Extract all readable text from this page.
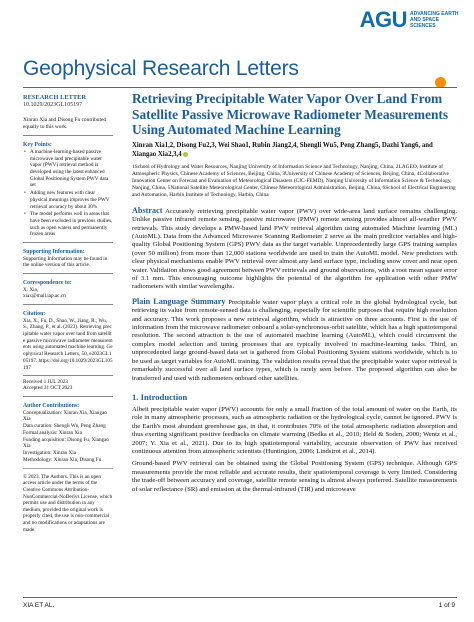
AGU ADVANCING EARTH AND SPACE SCIENCES
Geophysical Research Letters
RESEARCH LETTER
10.1029/2023GL105197
Xinran Xia and Disong Fu contributed equally to this work.
Key Points:
• A machine-learning-based passive microwave land precipitable water vapor (PWV) retrieval method is developed using the latest enhanced Global Positioning System PWV data set
• Adding new features with clear physical meanings improves the PWV retrieval accuracy by about 30%
• The model performs well in areas that have been excluded in previous studies, such as open waters and permanently frozen areas
Supporting Information:
Supporting Information may be found in the online version of this article.
Correspondence to:
X. Xia,
xiax@mail.iap.ac.cn
Citation:
Xia, X., Fu, D., Shao, W., Jiang, R., Wu, S., Zhang, P., et al. (2023). Retrieving precipitable water vapor over land from satellite passive microwave radiometer measurements using automated machine learning. Geophysical Research Letters, 50, e2023GL105197. https://doi.org/10.1029/2023GL105197
Received 1 JUL 2023
Accepted 31 OCT 2023
Author Contributions:
Conceptualization: Xinran Xia, Xiangao Xia
Data curation: Shengli Wu, Peng Zhang
Formal analysis: Xinran Xia
Funding acquisition: Disong Fu, Xiangao Xia
Investigation: Xinran Xia
Methodology: Xinran Xia, Disong Fu
© 2023. The Authors. This is an open access article under the terms of the Creative Commons Attribution-NonCommercial-NoDerivs License, which permits use and distribution in any medium, provided the original work is properly cited, the use is non-commercial and no modifications or adaptations are made.
Retrieving Precipitable Water Vapor Over Land From Satellite Passive Microwave Radiometer Measurements Using Automated Machine Learning
Xinran Xia1,2, Disong Fu2,3, Wei Shao1, Rubin Jiang2,4, Shengli Wu5, Peng Zhang5, Dazhi Yang6, and Xiangao Xia2,3,4
1School of Hydrology and Water Resources, Nanjing University of Information Science and Technology, Nanjing, China, 2LAGEO, Institute of Atmospheric Physics, Chinese Academy of Sciences, Beijing, China, 3University of Chinese Academy of Sciences, Beijing, China, 4Collaborative Innovation Center on Forecast and Evaluation of Meteorological Disasters (CIC-FEMD), Nanjing University of Information Science & Technology, Nanjing, China, 5National Satellite Meteorological Center, Chinese Meteorological Administration, Beijing, China, 6School of Electrical Engineering and Automation, Harbin Institute of Technology, Harbin, China
Abstract Accurately retrieving precipitable water vapor (PWV) over wide-area land surface remains challenging. Unlike passive infrared remote sensing, passive microwave (PMW) remote sensing provides almost all-weather PWV retrievals. This study develops a PMW-based land PWV retrieval algorithm using automated Machine learning (ML) (AutoML). Data from the Advanced Microwave Scanning Radiometer 2 serve as the main predictor variables and high-quality Global Positioning System (GPS) PWV data as the target variable. Unprecedentedly large GPS training samples (over 50 million) from more than 12,000 stations worldwide are used to train the AutoML model. New predictors with clear physical mechanisms enable PWV retrieval over almost any land surface type, including snow cover and near open water. Validation shows good agreement between PWV retrievals and ground observations, with a root mean square error of 3.1 mm. This encouraging outcome highlights the potential of the algorithm for application with other PMW radiometers with similar wavelengths.
Plain Language Summary Precipitable water vapor plays a critical role in the global hydrological cycle, but retrieving its value from remote-sensed data is challenging, especially for scientific purposes that require high resolution and accuracy. This work proposes a new retrieval algorithm, which is attractive on three accounts. First is the use of information from the microwave radiometer onboard a solar-synchronous-orbit satellite, which has a high spatiotemporal resolution. The second attraction is the use of automated machine learning (AutoML), which could circumvent the complex model selection and tuning processes that are typically involved in machine-learning tasks. Third, an unprecedented large ground-based data set is gathered from Global Positioning System stations worldwide, which is to be used as target variables for AutoML training. The validation results reveal that the precipitable water vapor retrieval is remarkably successful over all land surface types, which is rarely seen before. The proposed algorithm can also be transferred and used with radiometers onboard other satellites.
1. Introduction
Albeit precipitable water vapor (PWV) accounts for only a small fraction of the total amount of water on the Earth, its role in many atmospheric processes, such as atmospheric radiation or the hydrological cycle, cannot be ignored. PWV is the Earth's most abundant greenhouse gas, in that, it contributes 70% of the total atmospheric radiation absorption and thus exerting significant positive feedbacks on climate warming (Bedka et al., 2010; Held & Soden, 2000; Wentz et al., 2007; Y. Xia et al., 2021). Due to its high spatiotemporal variability, accurate observation of PWV has received continuous attention from atmospheric scientists (Huntington, 2006; Lindstrot et al., 2014).
Ground-based PWV retrieval can be obtained using the Global Positioning System (GPS) technique. Although GPS measurements provide the most reliable and accurate results, their spatiotemporal coverage is very limited. Considering the trade-off between accuracy and coverage, satellite remote sensing is almost always preferred. Satellite measurements of solar reflectance (SR) and emission at the thermal-infrared (TIR) and microwave
XIA ET AL.	1 of 9
